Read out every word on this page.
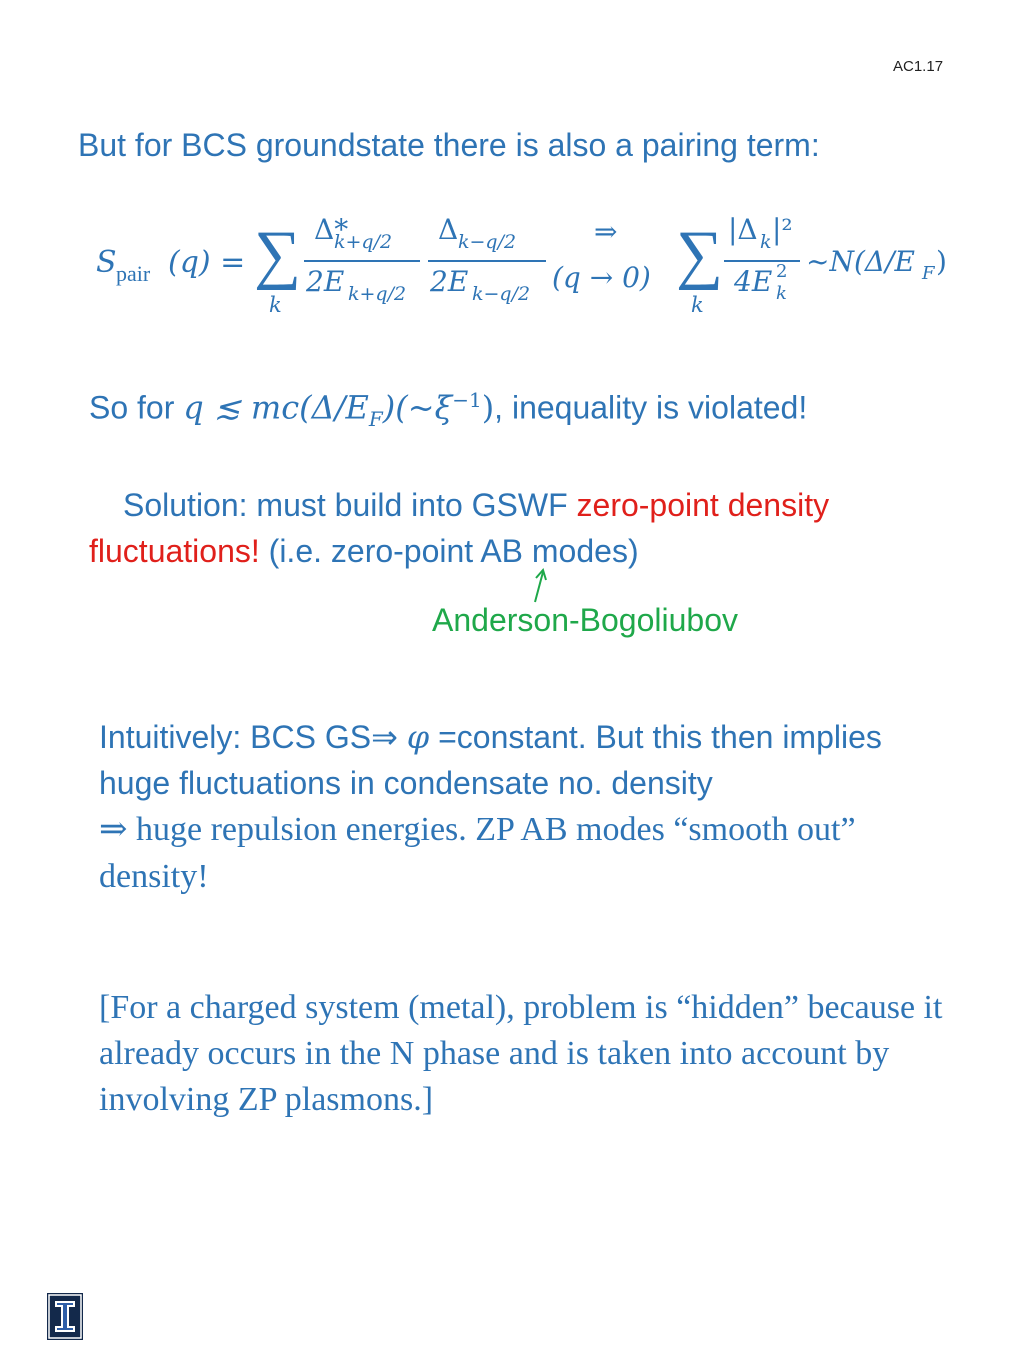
AC1.17
But for BCS groundstate there is also a pairing term:
S pair (q) = ∑
k
Δ*
k+q/2
2E k+q/2
Δ k−q/2
2E k−q/2
⇒
(q → 0) ∑
k
|Δ k |²
4E 2
k
~N(Δ/E F )
So for q ≲ $mc(\Delta/E_F)(\sim\xi^{-1})$, inequality is violated!
Solution: must build into GSWF zero-point density fluctuations! (i.e. zero-point AB modes)
Anderson-Bogoliubov
Intuitively: BCS GS⇒ φ =constant. But this then implies huge fluctuations in condensate no. density
⇒ huge repulsion energies. ZP AB modes “smooth out” density!
[For a charged system (metal), problem is “hidden” because it already occurs in the N phase and is taken into account by involving ZP plasmons.]
